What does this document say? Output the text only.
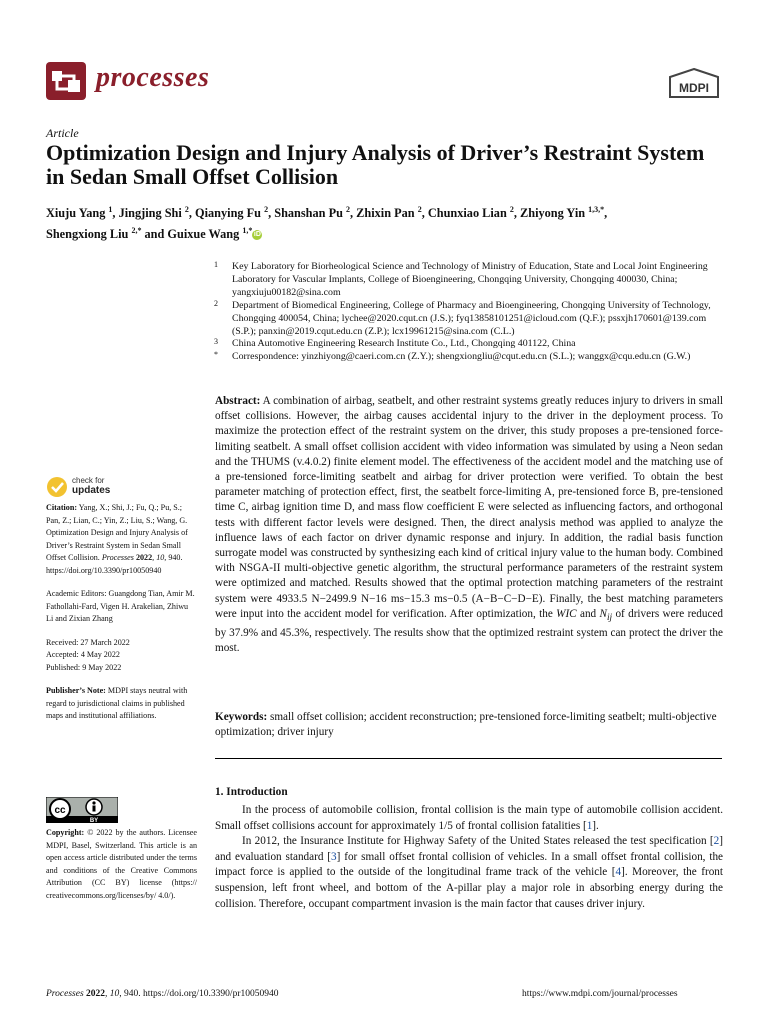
processes	MDPI
Article
Optimization Design and Injury Analysis of Driver’s Restraint System in Sedan Small Offset Collision
Xiuju Yang $^1$, Jingjing Shi $^2$, Qianying Fu $^2$, Shanshan Pu $^2$, Zhixin Pan $^2$, Chunxiao Lian $^2$, Zhiyong Yin $^{1,3,*}$,
Shengxiong Liu $^{2,*}$ and Guixue Wang $^{1,*}$ iD
1 Key Laboratory for Biorheological Science and Technology of Ministry of Education, State and Local Joint Engineering Laboratory for Vascular Implants, College of Bioengineering, Chongqing University, Chongqing 400030, China; yangxiuju00182@sina.com
2 Department of Biomedical Engineering, College of Pharmacy and Bioengineering, Chongqing University of Technology, Chongqing 400054, China; lychee@2020.cqut.cn (J.S.); fyq13858101251@icloud.com (Q.F.); pssxjh170601@139.com (S.P.); panxin@2019.cqut.edu.cn (Z.P.); lcx19961215@sina.com (C.L.)
3 China Automotive Engineering Research Institute Co., Ltd., Chongqing 401122, China
* Correspondence: yinzhiyong@caeri.com.cn (Z.Y.); shengxiongliu@cqut.edu.cn (S.L.); wanggx@cqu.edu.cn (G.W.)
Abstract: A combination of airbag, seatbelt, and other restraint systems greatly reduces injury to drivers in small offset collisions. However, the airbag causes accidental injury to the driver in the deployment process. To maximize the protection effect of the restraint system on the driver, this study proposes a pre-tensioned force-limiting seatbelt. A small offset collision accident with video information was simulated by using a Neon sedan and the THUMS (v.4.0.2) finite element model. The effectiveness of the accident model and the matching use of a pre-tensioned force-limiting seatbelt and airbag for driver protection were verified. To obtain the best parameter matching of protection effect, first, the seatbelt force-limiting A, pre-tensioned force B, pre-tensioned time C, airbag ignition time D, and mass flow coefficient E were selected as influencing factors, and orthogonal tests with different factor levels were designed. Then, the direct analysis method was applied to analyze the influence laws of each factor on driver dynamic response and injury. In addition, the radial basis function surrogate model was constructed by synthesizing each kind of critical injury value to the human body. Combined with NSGA-II multi-objective genetic algorithm, the structural performance parameters of the restraint system were optimized and matched. Results showed that the optimal protection matching parameters of the restraint system were 4933.5 N−2499.9 N−16 ms−15.3 ms−0.5 (A−B−C−D−E). Finally, the best matching parameters were input into the accident model for verification. After optimization, the WIC and $N_{ij}$ of drivers were reduced by 37.9% and 45.3%, respectively. The results show that the optimized restraint system can protect the driver the most.
Keywords: small offset collision; accident reconstruction; pre-tensioned force-limiting seatbelt; multi-objective optimization; driver injury
1. Introduction

In the process of automobile collision, frontal collision is the main type of automobile collision accident. Small offset collisions account for approximately 1/5 of frontal collision fatalities [1].

In 2012, the Insurance Institute for Highway Safety of the United States released the test specification [2] and evaluation standard [3] for small offset frontal collision of vehicles. In a small offset frontal collision, the impact force is applied to the outside of the longitudinal frame track of the vehicle [4]. Moreover, the front suspension, left front wheel, and bottom of the A-pillar play a major role in absorbing energy during the collision. Therefore, occupant compartment invasion is the main factor that causes driver injury.

check for
updates
Citation: Yang, X.; Shi, J.; Fu, Q.; Pu, S.; Pan, Z.; Lian, C.; Yin, Z.; Liu, S.; Wang, G. Optimization Design and Injury Analysis of Driver’s Restraint System in Sedan Small Offset Collision. Processes 2022, 10, 940. https://doi.org/10.3390/pr10050940
Academic Editors: Guangdong Tian, Amir M. Fathollahi-Fard, Vigen H. Arakelian, Zhiwu Li and Zixian Zhang
Received: 27 March 2022
Accepted: 4 May 2022
Published: 9 May 2022
Publisher’s Note: MDPI stays neutral with regard to jurisdictional claims in published maps and institutional affiliations.
cc
BY
Copyright: © 2022 by the authors. Licensee MDPI, Basel, Switzerland. This article is an open access article distributed under the terms and conditions of the Creative Commons Attribution (CC BY) license (https:// creativecommons.org/licenses/by/ 4.0/).
Processes 2022, 10, 940. https://doi.org/10.3390/pr10050940	https://www.mdpi.com/journal/processes
